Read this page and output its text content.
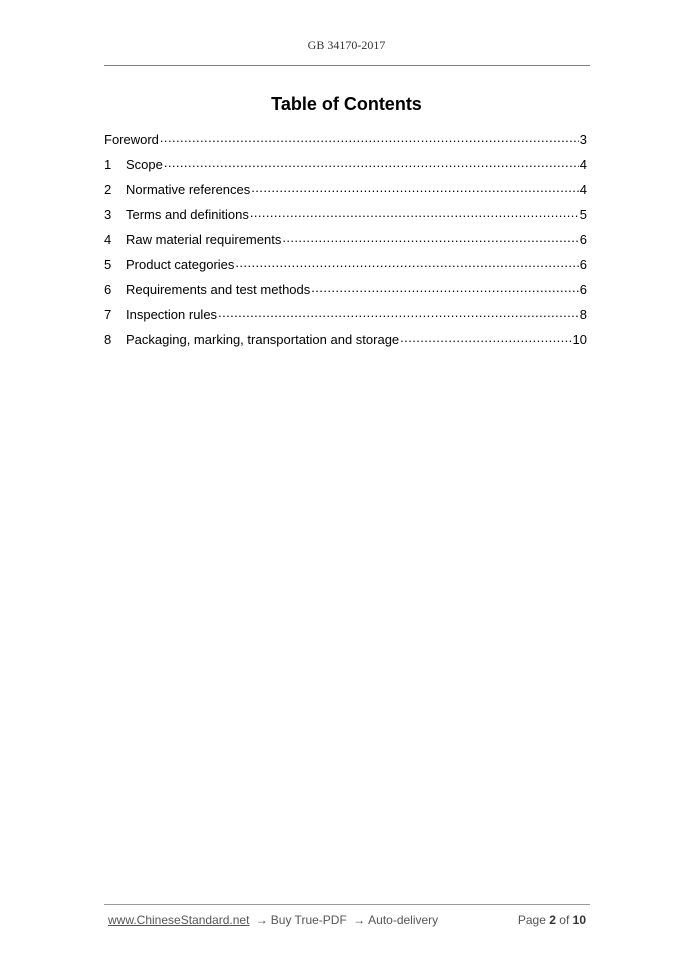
GB 34170-2017
Table of Contents
Foreword .....	3
1	Scope .....	4
2	Normative references .....	4
3	Terms and definitions .....	5
4	Raw material requirements .....	6
5	Product categories .....	6
6	Requirements and test methods .....	6
7	Inspection rules .....	8
8	Packaging, marking, transportation and storage .....	10
www.ChineseStandard.net → Buy True-PDF → Auto-delivery	Page 2 of 10
